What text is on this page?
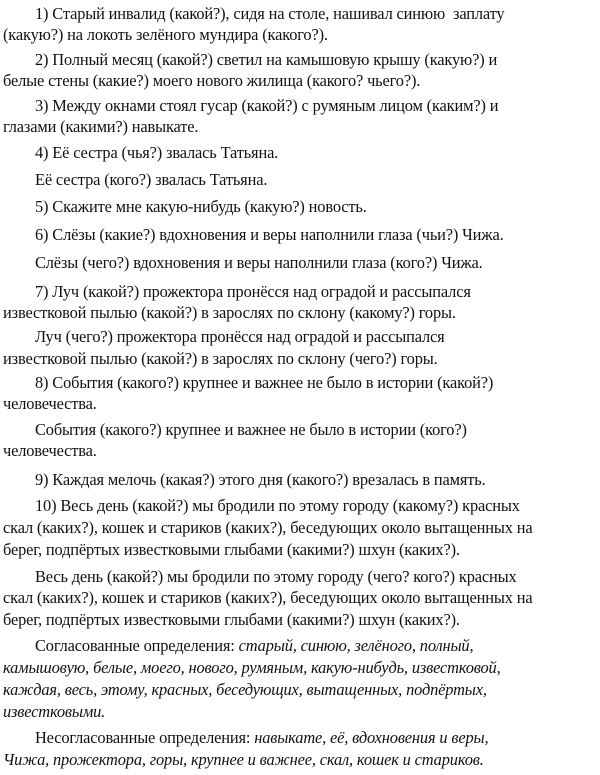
1) Старый инвалид (какой?), сидя на столе, нашивал синюю  заплату
(какую?) на локоть зелёного мундира (какого?).
2) Полный месяц (какой?) светил на камышовую крышу (какую?) и
белые стены (какие?) моего нового жилища (какого? чьего?).
3) Между окнами стоял гусар (какой?) с румяным лицом (каким?) и
глазами (какими?) навыкате.
4) Её сестра (чья?) звалась Татьяна.
Её сестра (кого?) звалась Татьяна.
5) Скажите мне какую-нибудь (какую?) новость.
6) Слёзы (какие?) вдохновения и веры наполнили глаза (чьи?) Чижа.
Слёзы (чего?) вдохновения и веры наполнили глаза (кого?) Чижа.
7) Луч (какой?) прожектора пронёсся над оградой и рассыпался
известковой пылью (какой?) в зарослях по склону (какому?) горы.
Луч (чего?) прожектора пронёсся над оградой и рассыпался
известковой пылью (какой?) в зарослях по склону (чего?) горы.
8) События (какого?) крупнее и важнее не было в истории (какой?)
человечества.
События (какого?) крупнее и важнее не было в истории (кого?)
человечества.
9) Каждая мелочь (какая?) этого дня (какого?) врезалась в память.
10) Весь день (какой?) мы бродили по этому городу (какому?) красных
скал (каких?), кошек и стариков (каких?), беседующих около вытащенных на
берег, подпёртых известковыми глыбами (какими?) шхун (каких?).
Весь день (какой?) мы бродили по этому городу (чего? кого?) красных
скал (каких?), кошек и стариков (каких?), беседующих около вытащенных на
берег, подпёртых известковыми глыбами (какими?) шхун (каких?).
Согласованные определения: старый, синюю, зелёного, полный,
камышовую, белые, моего, нового, румяным, какую-нибудь, известковой,
каждая, весь, этому, красных, беседующих, вытащенных, подпёртых,
известковыми.
Несогласованные определения: навыкате, её, вдохновения и веры,
Чижа, прожектора, горы, крупнее и важнее, скал, кошек и стариков.
